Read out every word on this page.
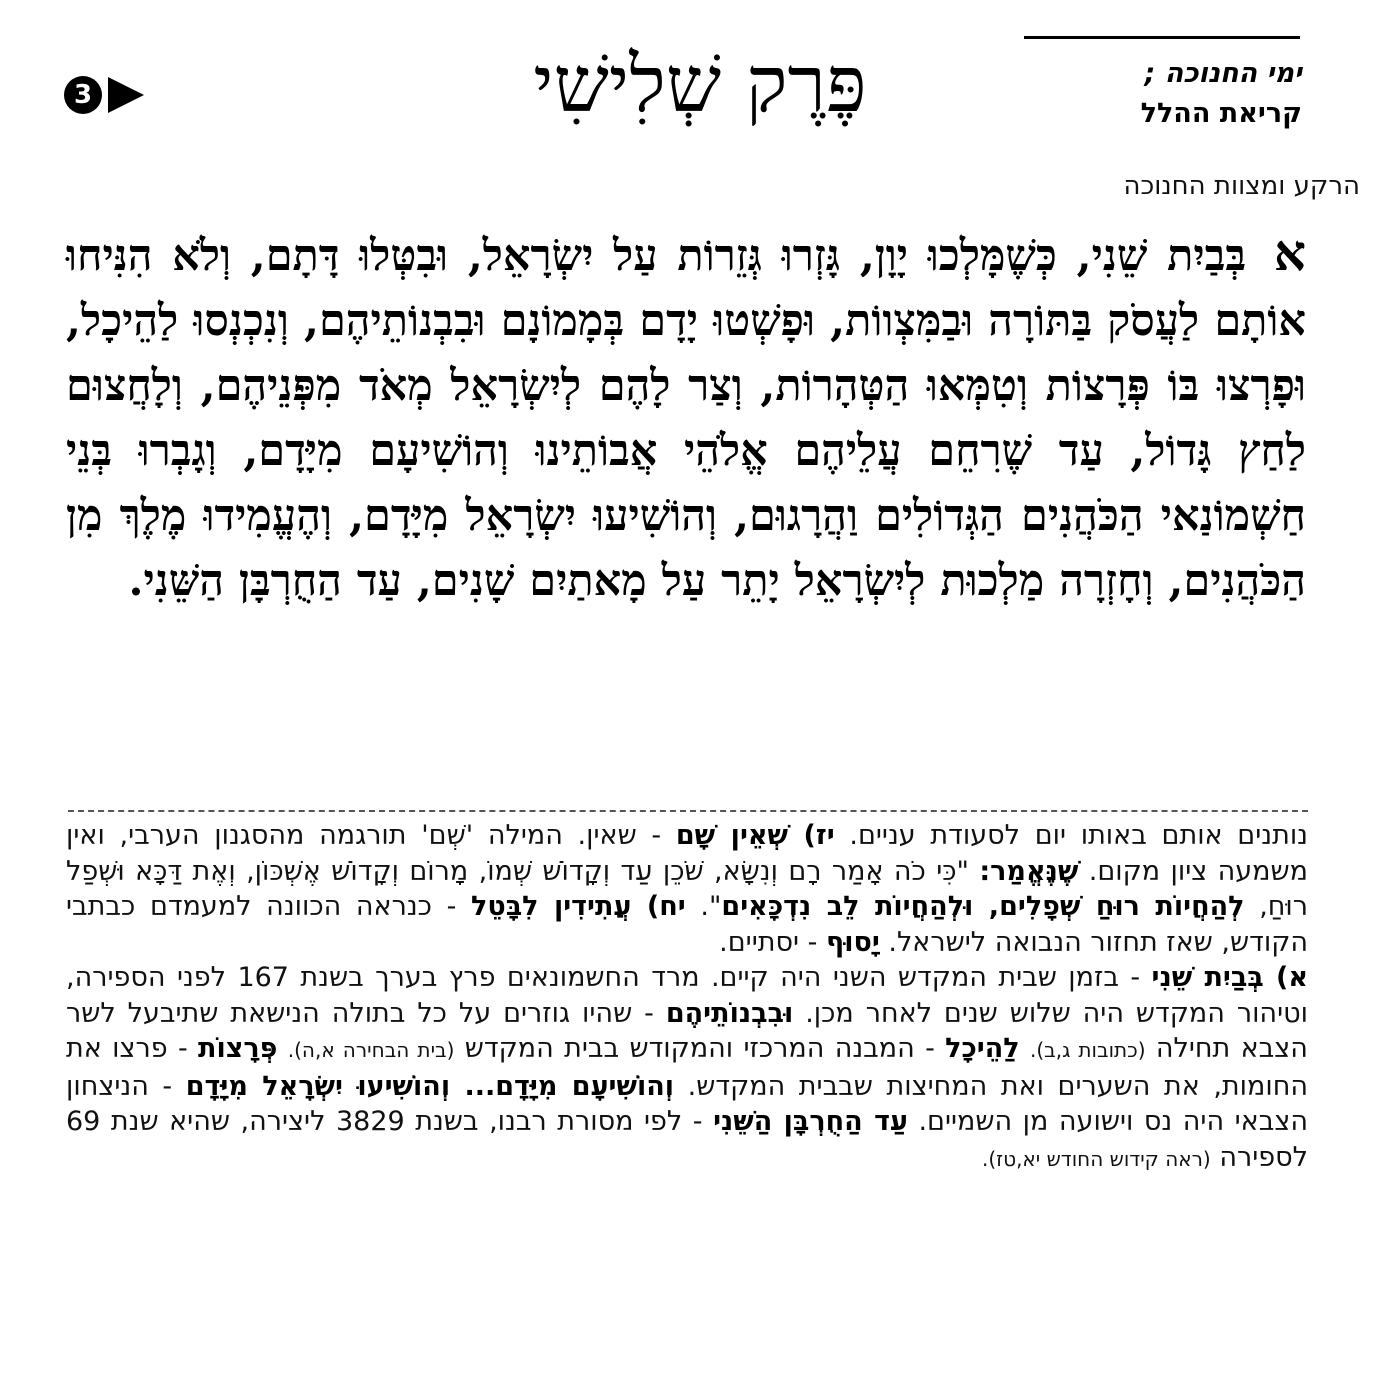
ימי החנוכה ;
קריאת ההלל
פֶּרֶק שְׁלִישִׁי
3
הרקע ומצוות החנוכה
א בְּבַיִת שֵׁנִי, כְּשֶׁמָּלְכוּ יָוָן, גָּזְרוּ גְּזֵרוֹת עַל יִשְׂרָאֵל, וּבִטְּלוּ דָּתָם, וְלֹא הִנִּיחוּ אוֹתָם לַעֲסֹק בַּתּוֹרָה וּבַמִּצְווֹת, וּפָשְׁטוּ יָדָם בְּמָמוֹנָם וּבִבְנוֹתֵיהֶם, וְנִכְנְסוּ לַהֵיכָל, וּפָרְצוּ בּוֹ פְּרָצוֹת וְטִמְּאוּ הַטְּהָרוֹת, וְצַר לָהֶם לְיִשְׂרָאֵל מְאֹד מִפְּנֵיהֶם, וְלָחֲצוּם לַחַץ גָּדוֹל, עַד שֶׁרִחֵם עֲלֵיהֶם אֱלֹהֵי אֲבוֹתֵינוּ וְהוֹשִׁיעָם מִיָּדָם, וְגָבְרוּ בְּנֵי חַשְׁמוֹנַאי הַכֹּהֲנִים הַגְּדוֹלִים וַהֲרָגוּם, וְהוֹשִׁיעוּ יִשְׂרָאֵל מִיָּדָם, וְהֶעֱמִידוּ מֶלֶךְ מִן הַכֹּהֲנִים, וְחָזְרָה מַלְכוּת לְיִשְׂרָאֵל יָתֵר עַל מָאתַיִם שָׁנִים, עַד הַחֻרְבָּן הַשֵּׁנִי.

נותנים אותם באותו יום לסעודת עניים. יז) שְׁאֵין שָׁם - שאין. המילה 'שְׁם' תורגמה מהסגנון הערבי, ואין משמעה ציון מקום. שֶׁנֶּאֱמַר: "כִּי כֹה אָמַר רָם וְנִשָּׂא, שֹׁכֵן עַד וְקָדוֹשׁ שְׁמוֹ, מָרוֹם וְקָדוֹשׁ אֶשְׁכּוֹן, וְאֶת דַּכָּא וּשְׁפַל רוּחַ, לְהַחֲיוֹת רוּחַ שְׁפָלִים, וּלְהַחֲיוֹת לֵב נִדְכָּאִים". יח) עֲתִידִין לִבָּטֵל - כנראה הכוונה למעמדם כבתבי הקודש, שאז תחזור הנבואה לישראל. יָסוּף - יסתיים.

א) בְּבַיִת שֵׁנִי - בזמן שבית המקדש השני היה קיים. מרד החשמונאים פרץ בערך בשנת 167 לפני הספירה, וטיהור המקדש היה שלוש שנים לאחר מכן. וּבִבְנוֹתֵיהֶם - שהיו גוזרים על כל בתולה הנישאת שתיבעל לשר הצבא תחילה (כתובות ג,ב). לַהֵיכָל - המבנה המרכזי והמקודש בבית המקדש (בית הבחירה א,ה). פְּרָצוֹת - פרצו את החומות, את השערים ואת המחיצות שבבית המקדש. וְהוֹשִׁיעָם מִיָּדָם... וְהוֹשִׁיעוּ יִשְׂרָאֵל מִיָּדָם - הניצחון הצבאי היה נס וישועה מן השמיים. עַד הַחֻרְבָּן הַשֵּׁנִי - לפי מסורת רבנו, בשנת 3829 ליצירה, שהיא שנת 69 לספירה (ראה קידוש החודש יא,טז).
